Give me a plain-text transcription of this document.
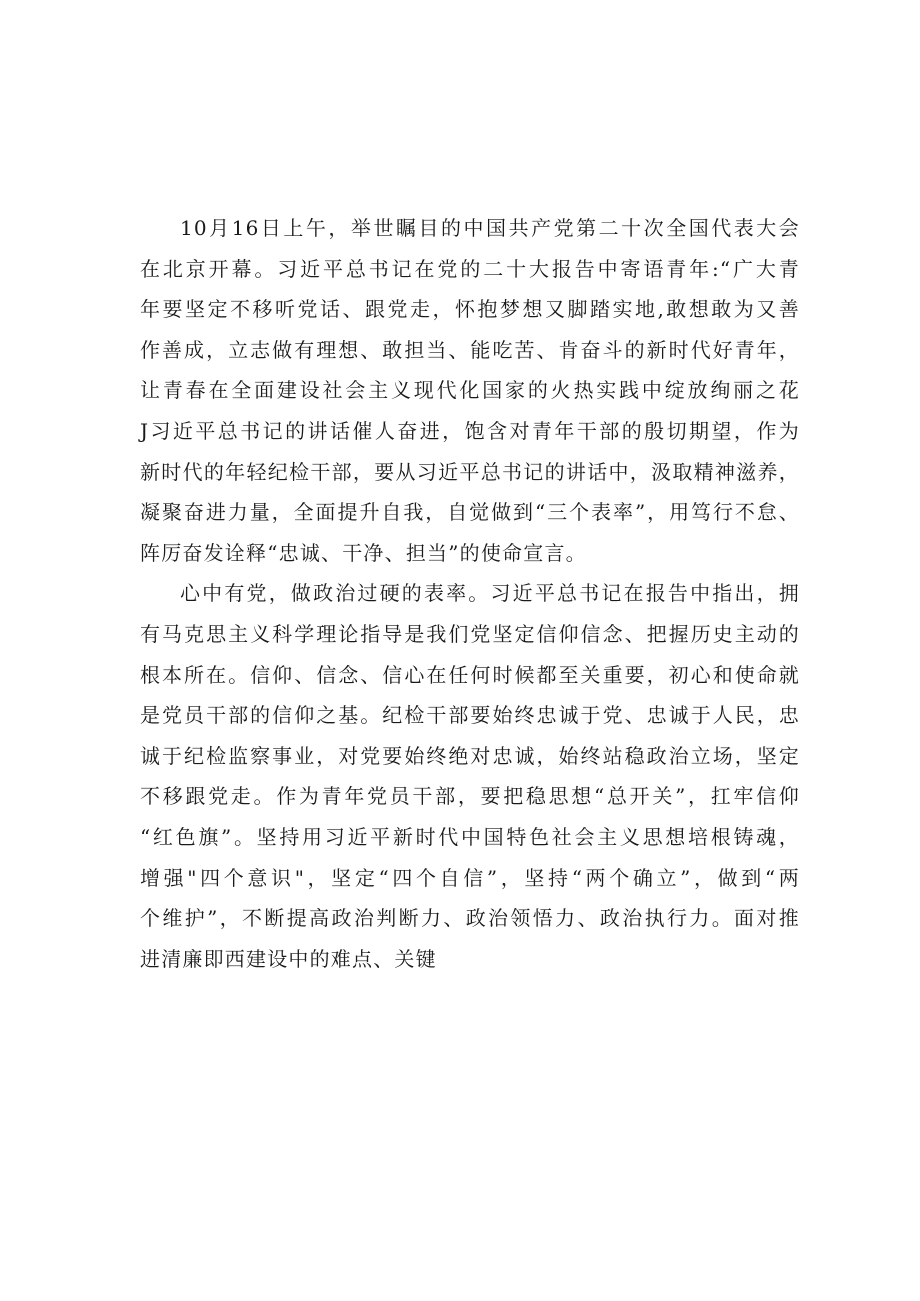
10月16日上午，举世瞩目的中国共产党第二十次全国代表大会
在北京开幕。习近平总书记在党的二十大报告中寄语青年:“广大青
年要坚定不移听党话、跟党走，怀抱梦想又脚踏实地,敢想敢为又善
作善成，立志做有理想、敢担当、能吃苦、肯奋斗的新时代好青年，
让青春在全面建设社会主义现代化国家的火热实践中绽放绚丽之花
J习近平总书记的讲话催人奋进，饱含对青年干部的殷切期望，作为
新时代的年轻纪检干部，要从习近平总书记的讲话中，汲取精神滋养，
凝聚奋进力量，全面提升自我，自觉做到“三个表率”，用笃行不怠、
阵厉奋发诠释“忠诚、干净、担当”的使命宣言。
心中有党，做政治过硬的表率。习近平总书记在报告中指出，拥
有马克思主义科学理论指导是我们党坚定信仰信念、把握历史主动的
根本所在。信仰、信念、信心在任何时候都至关重要，初心和使命就
是党员干部的信仰之基。纪检干部要始终忠诚于党、忠诚于人民，忠
诚于纪检监察事业，对党要始终绝对忠诚，始终站稳政治立场，坚定
不移跟党走。作为青年党员干部，要把稳思想“总开关”，扛牢信仰
“红色旗”。坚持用习近平新时代中国特色社会主义思想培根铸魂，
增强"四个意识"，坚定“四个自信”，坚持“两个确立”，做到“两
个维护”，不断提高政治判断力、政治领悟力、政治执行力。面对推
进清廉即西建设中的难点、关键
